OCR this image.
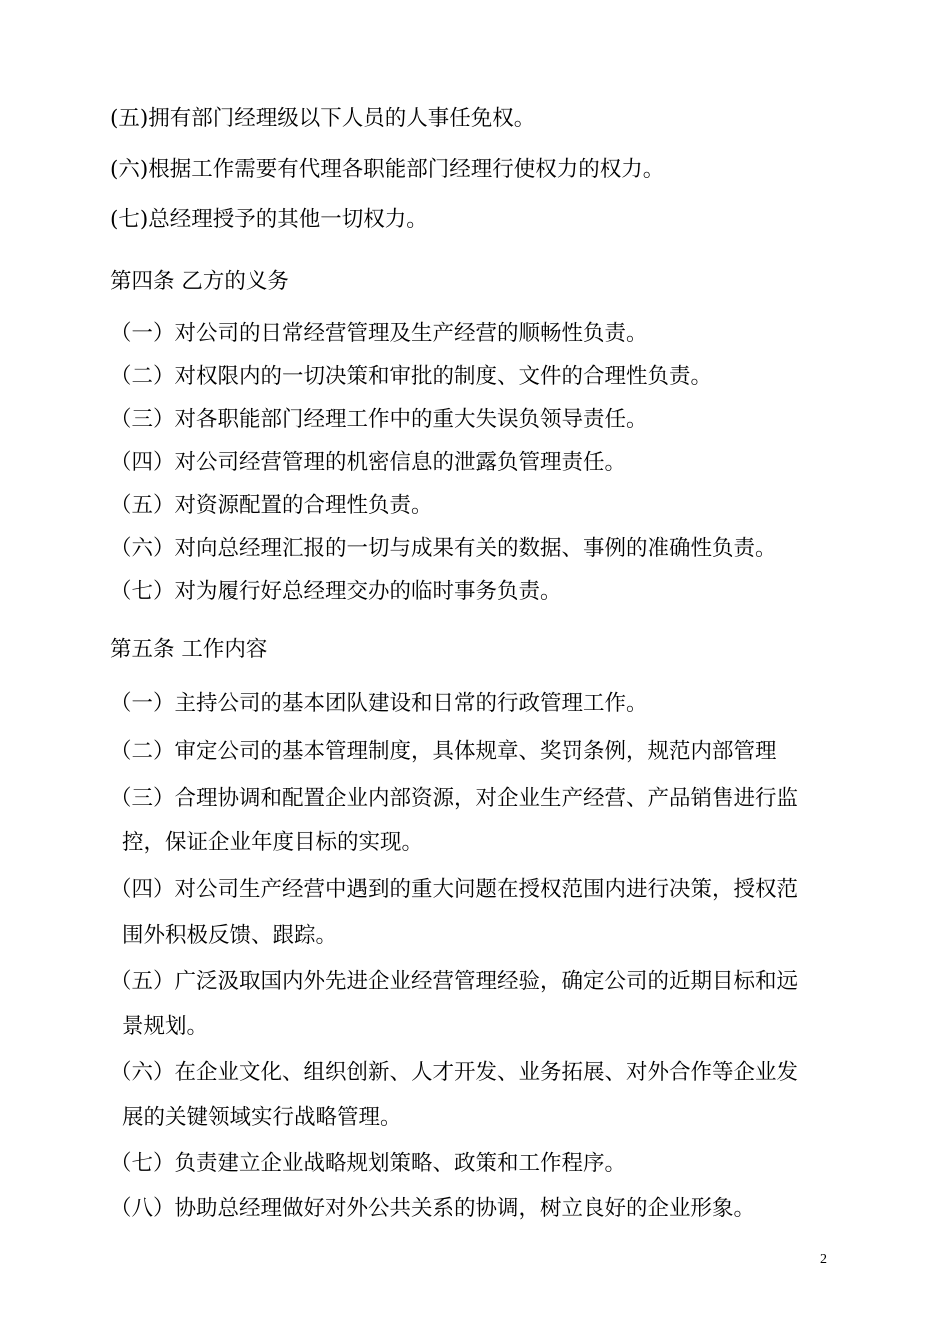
(五)拥有部门经理级以下人员的人事任免权。
(六)根据工作需要有代理各职能部门经理行使权力的权力。
(七)总经理授予的其他一切权力。
第四条 乙方的义务
（一）对公司的日常经营管理及生产经营的顺畅性负责。
（二）对权限内的一切决策和审批的制度、文件的合理性负责。
（三）对各职能部门经理工作中的重大失误负领导责任。
（四）对公司经营管理的机密信息的泄露负管理责任。
（五）对资源配置的合理性负责。
（六）对向总经理汇报的一切与成果有关的数据、事例的准确性负责。
（七）对为履行好总经理交办的临时事务负责。
第五条 工作内容
（一）主持公司的基本团队建设和日常的行政管理工作。
（二）审定公司的基本管理制度，具体规章、奖罚条例，规范内部管理
（三）合理协调和配置企业内部资源，对企业生产经营、产品销售进行监
控，保证企业年度目标的实现。
（四）对公司生产经营中遇到的重大问题在授权范围内进行决策，授权范
围外积极反馈、跟踪。
（五）广泛汲取国内外先进企业经营管理经验，确定公司的近期目标和远
景规划。
（六）在企业文化、组织创新、人才开发、业务拓展、对外合作等企业发
展的关键领域实行战略管理。
（七）负责建立企业战略规划策略、政策和工作程序。
（八）协助总经理做好对外公共关系的协调，树立良好的企业形象。
2
